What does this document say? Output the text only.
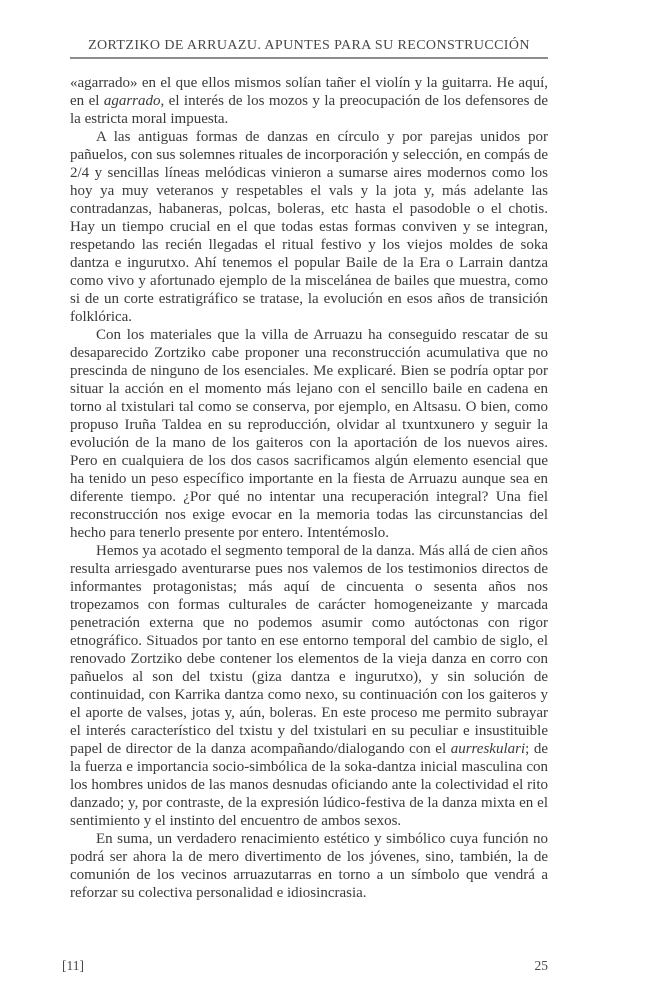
ZORTZIKO DE ARRUAZU. APUNTES PARA SU RECONSTRUCCIÓN

«agarrado» en el que ellos mismos solían tañer el violín y la guitarra. He aquí, en el agarrado, el interés de los mozos y la preocupación de los defensores de la estricta moral impuesta.

A las antiguas formas de danzas en círculo y por parejas unidos por pañuelos, con sus solemnes rituales de incorporación y selección, en compás de 2/4 y sencillas líneas melódicas vinieron a sumarse aires modernos como los hoy ya muy veteranos y respetables el vals y la jota y, más adelante las contradanzas, habaneras, polcas, boleras, etc hasta el pasodoble o el chotis. Hay un tiempo crucial en el que todas estas formas conviven y se integran, respetando las recién llegadas el ritual festivo y los viejos moldes de soka dantza e ingurutxo. Ahí tenemos el popular Baile de la Era o Larrain dantza como vivo y afortunado ejemplo de la miscelánea de bailes que muestra, como si de un corte estratigráfico se tratase, la evolución en esos años de transición folklórica.

Con los materiales que la villa de Arruazu ha conseguido rescatar de su desaparecido Zortziko cabe proponer una reconstrucción acumulativa que no prescinda de ninguno de los esenciales. Me explicaré. Bien se podría optar por situar la acción en el momento más lejano con el sencillo baile en cadena en torno al txistulari tal como se conserva, por ejemplo, en Altsasu. O bien, como propuso Iruña Taldea en su reproducción, olvidar al txuntxunero y seguir la evolución de la mano de los gaiteros con la aportación de los nuevos aires. Pero en cualquiera de los dos casos sacrificamos algún elemento esencial que ha tenido un peso específico importante en la fiesta de Arruazu aunque sea en diferente tiempo. ¿Por qué no intentar una recuperación integral? Una fiel reconstrucción nos exige evocar en la memoria todas las circunstancias del hecho para tenerlo presente por entero. Intentémoslo.

Hemos ya acotado el segmento temporal de la danza. Más allá de cien años resulta arriesgado aventurarse pues nos valemos de los testimonios directos de informantes protagonistas; más aquí de cincuenta o sesenta años nos tropezamos con formas culturales de carácter homogeneizante y marcada penetración externa que no podemos asumir como autóctonas con rigor etnográfico. Situados por tanto en ese entorno temporal del cambio de siglo, el renovado Zortziko debe contener los elementos de la vieja danza en corro con pañuelos al son del txistu (giza dantza e ingurutxo), y sin solución de continuidad, con Karrika dantza como nexo, su continuación con los gaiteros y el aporte de valses, jotas y, aún, boleras. En este proceso me permito subrayar el interés característico del txistu y del txistulari en su peculiar e insustituible papel de director de la danza acompañando/dialogando con el aurreskulari; de la fuerza e importancia socio-simbólica de la soka-dantza inicial masculina con los hombres unidos de las manos desnudas oficiando ante la colectividad el rito danzado; y, por contraste, de la expresión lúdico-festiva de la danza mixta en el sentimiento y el instinto del encuentro de ambos sexos.

En suma, un verdadero renacimiento estético y simbólico cuya función no podrá ser ahora la de mero divertimento de los jóvenes, sino, también, la de comunión de los vecinos arruazutarras en torno a un símbolo que vendrá a reforzar su colectiva personalidad e idiosincrasia.

[11]	25
